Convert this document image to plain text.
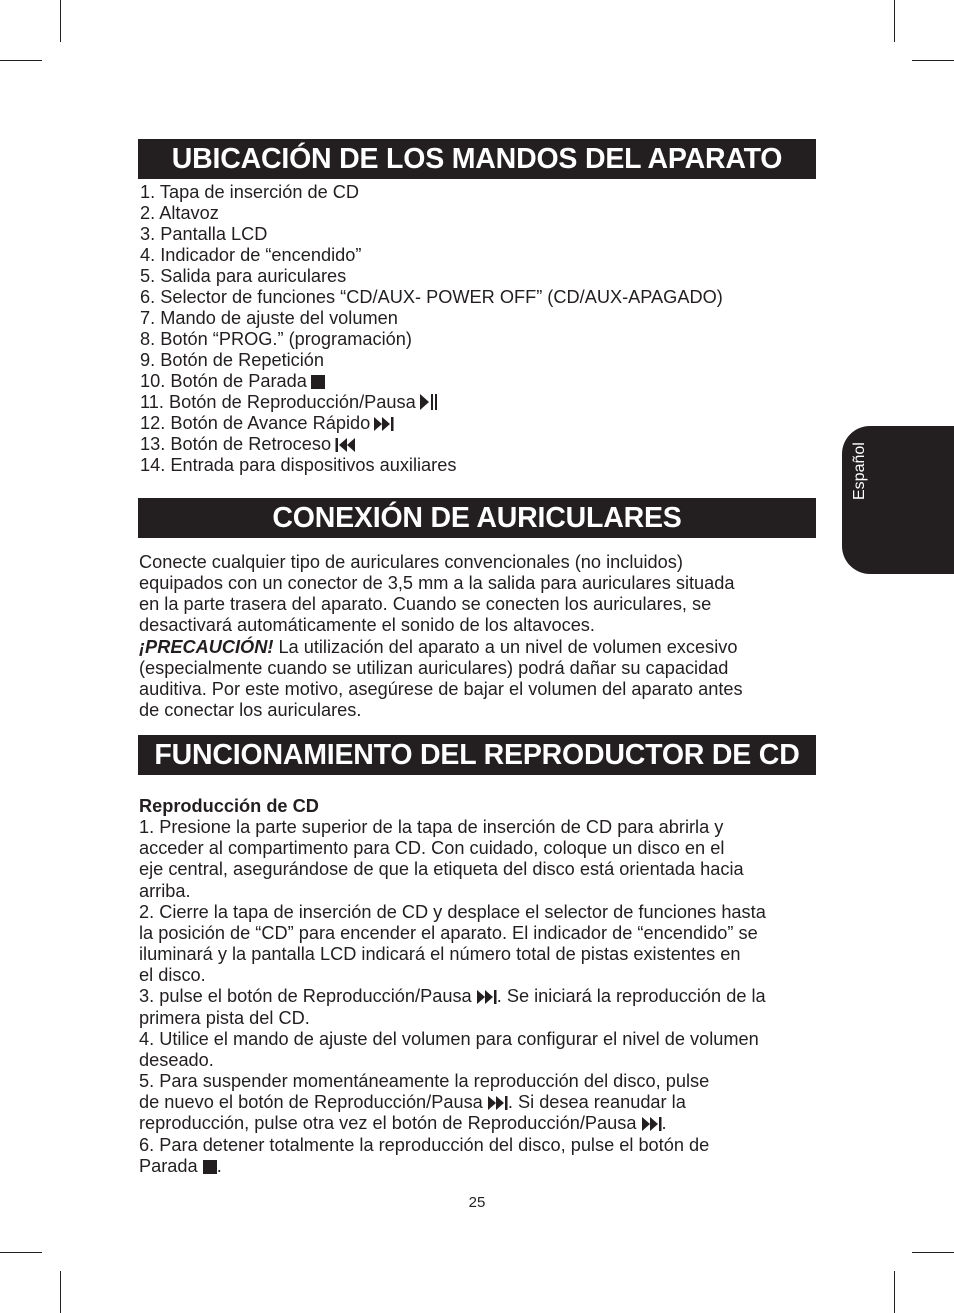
UBICACIÓN DE LOS MANDOS DEL APARATO
1. Tapa de inserción de CD
2. Altavoz
3. Pantalla LCD
4. Indicador de “encendido”
5. Salida para auriculares
6. Selector de funciones “CD/AUX- POWER OFF” (CD/AUX-APAGADO)
7. Mando de ajuste del volumen
8. Botón “PROG.” (programación)
9. Botón de Repetición
10. Botón de Parada
11. Botón de Reproducción/Pausa
12. Botón de Avance Rápido
13. Botón de Retroceso
14. Entrada para dispositivos auxiliares
CONEXIÓN DE AURICULARES
Conecte cualquier tipo de auriculares convencionales (no incluidos)
equipados con un conector de 3,5 mm a la salida para auriculares situada
en la parte trasera del aparato. Cuando se conecten los auriculares, se
desactivará automáticamente el sonido de los altavoces.
¡PRECAUCIÓN! La utilización del aparato a un nivel de volumen excesivo
(especialmente cuando se utilizan auriculares) podrá dañar su capacidad
auditiva. Por este motivo, asegúrese de bajar el volumen del aparato antes
de conectar los auriculares.
FUNCIONAMIENTO DEL REPRODUCTOR DE CD
Reproducción de CD
1. Presione la parte superior de la tapa de inserción de CD para abrirla y
acceder al compartimento para CD. Con cuidado, coloque un disco en el
eje central, asegurándose de que la etiqueta del disco está orientada hacia
arriba.
2. Cierre la tapa de inserción de CD y desplace el selector de funciones hasta
la posición de “CD” para encender el aparato. El indicador de “encendido” se
iluminará y la pantalla LCD indicará el número total de pistas existentes en
el disco.
3. pulse el botón de Reproducción/Pausa
. Se iniciará la reproducción de la
primera pista del CD.
4. Utilice el mando de ajuste del volumen para configurar el nivel de volumen
deseado.
5. Para suspender momentáneamente la reproducción del disco, pulse
de nuevo el botón de Reproducción/Pausa
. Si desea reanudar la
reproducción, pulse otra vez el botón de Reproducción/Pausa
.
6. Para detener totalmente la reproducción del disco, pulse el botón de
Parada
.
Español
25
